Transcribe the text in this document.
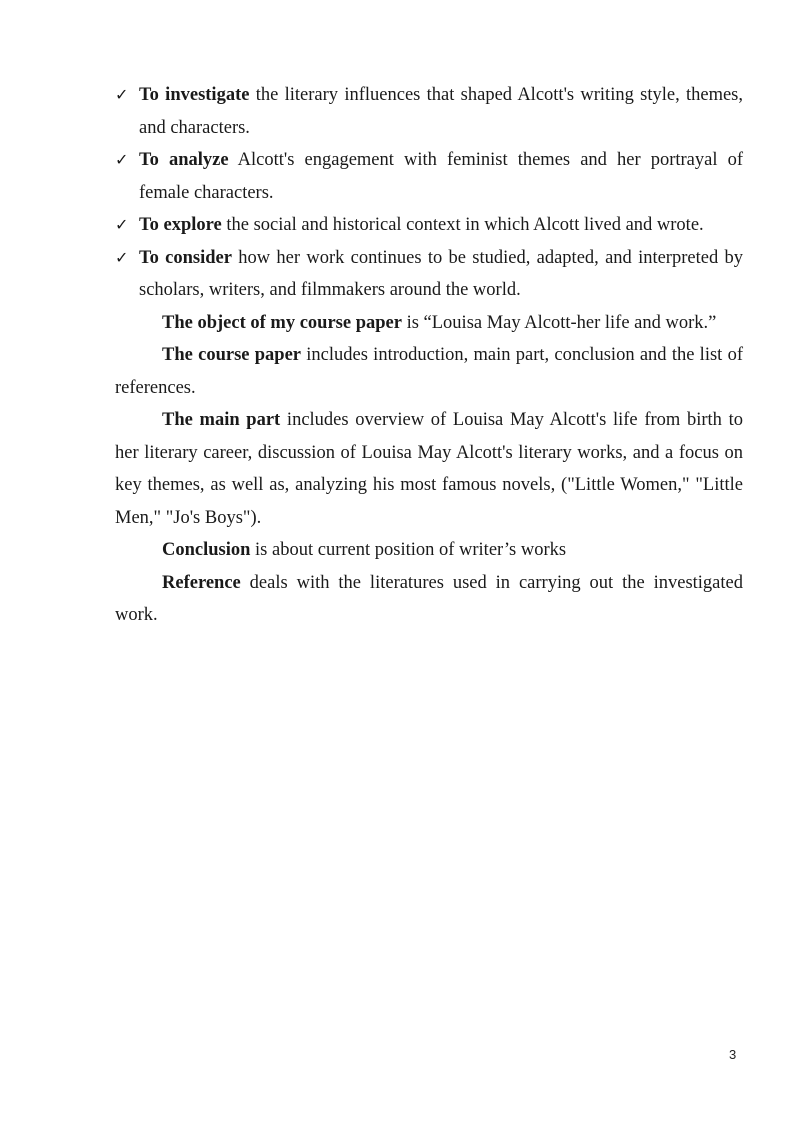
✓ To investigate the literary influences that shaped Alcott's writing style, themes, and characters.
✓ To analyze Alcott's engagement with feminist themes and her portrayal of female characters.
✓ To explore the social and historical context in which Alcott lived and wrote.
✓ To consider how her work continues to be studied, adapted, and interpreted by scholars, writers, and filmmakers around the world.

The object of my course paper is “Louisa May Alcott-her life and work.”

The course paper includes introduction, main part, conclusion and the list of references.

The main part includes overview of Louisa May Alcott's life from birth to her literary career, discussion of Louisa May Alcott's literary works, and a focus on key themes, as well as, analyzing his most famous novels, ("Little Women," "Little Men," "Jo's Boys").

Conclusion is about current position of writer’s works

Reference deals with the literatures used in carrying out the investigated work.

3
